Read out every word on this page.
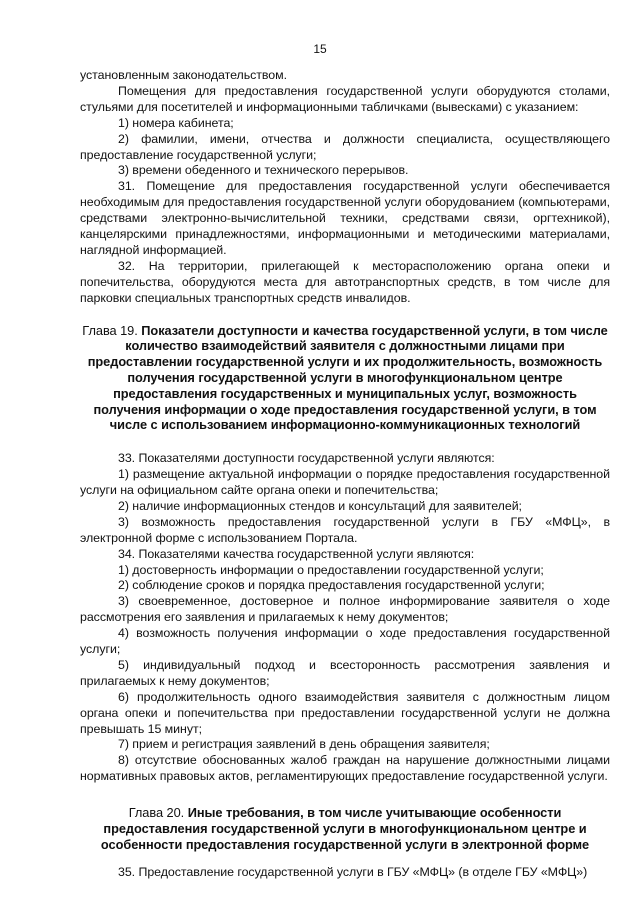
15

установленным законодательством.

Помещения для предоставления государственной услуги оборудуются столами, стульями для посетителей и информационными табличками (вывесками) с указанием:

1) номера кабинета;

2) фамилии, имени, отчества и должности специалиста, осуществляющего предоставление государственной услуги;

3) времени обеденного и технического перерывов.

31. Помещение для предоставления государственной услуги обеспечивается необходимым для предоставления государственной услуги оборудованием (компьютерами, средствами электронно-вычислительной техники, средствами связи, оргтехникой), канцелярскими принадлежностями, информационными и методическими материалами, наглядной информацией.

32. На территории, прилегающей к месторасположению органа опеки и попечительства, оборудуются места для автотранспортных средств, в том числе для парковки специальных транспортных средств инвалидов.

Глава 19. Показатели доступности и качества государственной услуги, в том числе количество взаимодействий заявителя с должностными лицами при предоставлении государственной услуги и их продолжительность, возможность получения государственной услуги в многофункциональном центре предоставления государственных и муниципальных услуг, возможность получения информации о ходе предоставления государственной услуги, в том числе с использованием информационно-коммуникационных технологий

33. Показателями доступности государственной услуги являются:

1) размещение актуальной информации о порядке предоставления государственной услуги на официальном сайте органа опеки и попечительства;

2) наличие информационных стендов и консультаций для заявителей;

3) возможность предоставления государственной услуги в ГБУ «МФЦ», в электронной форме с использованием Портала.

34. Показателями качества государственной услуги являются:

1) достоверность информации о предоставлении государственной услуги;

2) соблюдение сроков и порядка предоставления государственной услуги;

3) своевременное, достоверное и полное информирование заявителя о ходе рассмотрения его заявления и прилагаемых к нему документов;

4) возможность получения информации о ходе предоставления государственной услуги;

5) индивидуальный подход и всесторонность рассмотрения заявления и прилагаемых к нему документов;

6) продолжительность одного взаимодействия заявителя с должностным лицом органа опеки и попечительства при предоставлении государственной услуги не должна превышать 15 минут;

7) прием и регистрация заявлений в день обращения заявителя;

8) отсутствие обоснованных жалоб граждан на нарушение должностными лицами нормативных правовых актов, регламентирующих предоставление государственной услуги.

Глава 20. Иные требования, в том числе учитывающие особенности предоставления государственной услуги в многофункциональном центре и особенности предоставления государственной услуги в электронной форме

35. Предоставление государственной услуги в ГБУ «МФЦ» (в отделе ГБУ «МФЦ»)
